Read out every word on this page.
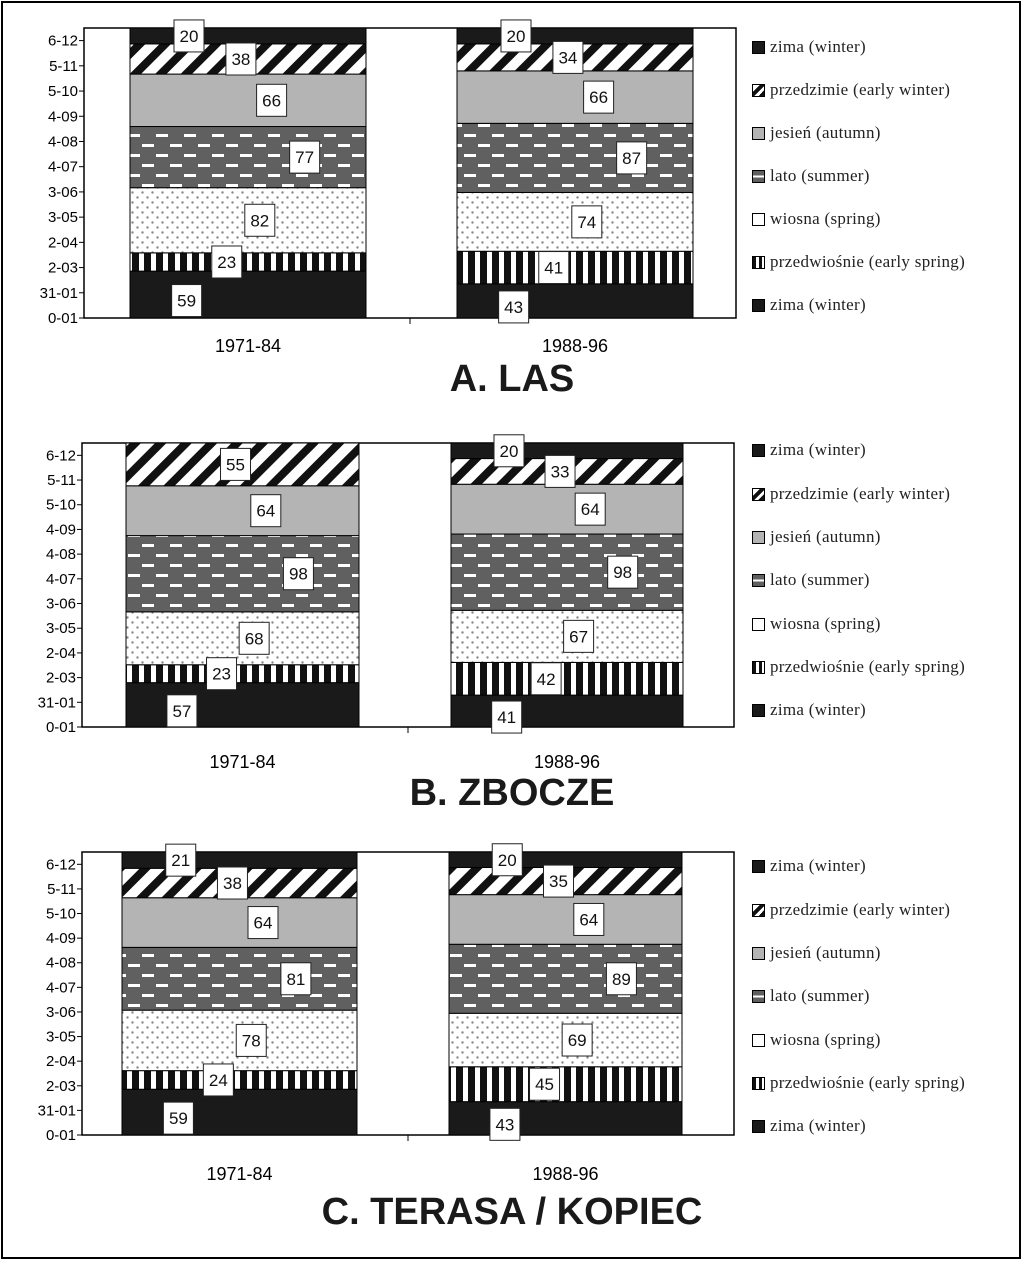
0-01
31-01
2-03
2-04
3-05
3-06
4-07
4-08
4-09
5-10
5-11
6-12
59
23
82
77
66
38
20
1971-84
43
41
74
87
66
34
20
1988-96
A. LAS
zima (winter)
przedzimie (early winter)
jesień (autumn)
lato (summer)
wiosna (spring)
przedwiośnie (early spring)
zima (winter)
0-01
31-01
2-03
2-04
3-05
3-06
4-07
4-08
4-09
5-10
5-11
6-12
57
23
68
98
64
55
1971-84
41
42
67
98
64
33
20
1988-96
B. ZBOCZE
zima (winter)
przedzimie (early winter)
jesień (autumn)
lato (summer)
wiosna (spring)
przedwiośnie (early spring)
zima (winter)
0-01
31-01
2-03
2-04
3-05
3-06
4-07
4-08
4-09
5-10
5-11
6-12
59
24
78
81
64
38
21
1971-84
43
45
69
89
64
35
20
1988-96
C. TERASA / KOPIEC
zima (winter)
przedzimie (early winter)
jesień (autumn)
lato (summer)
wiosna (spring)
przedwiośnie (early spring)
zima (winter)
